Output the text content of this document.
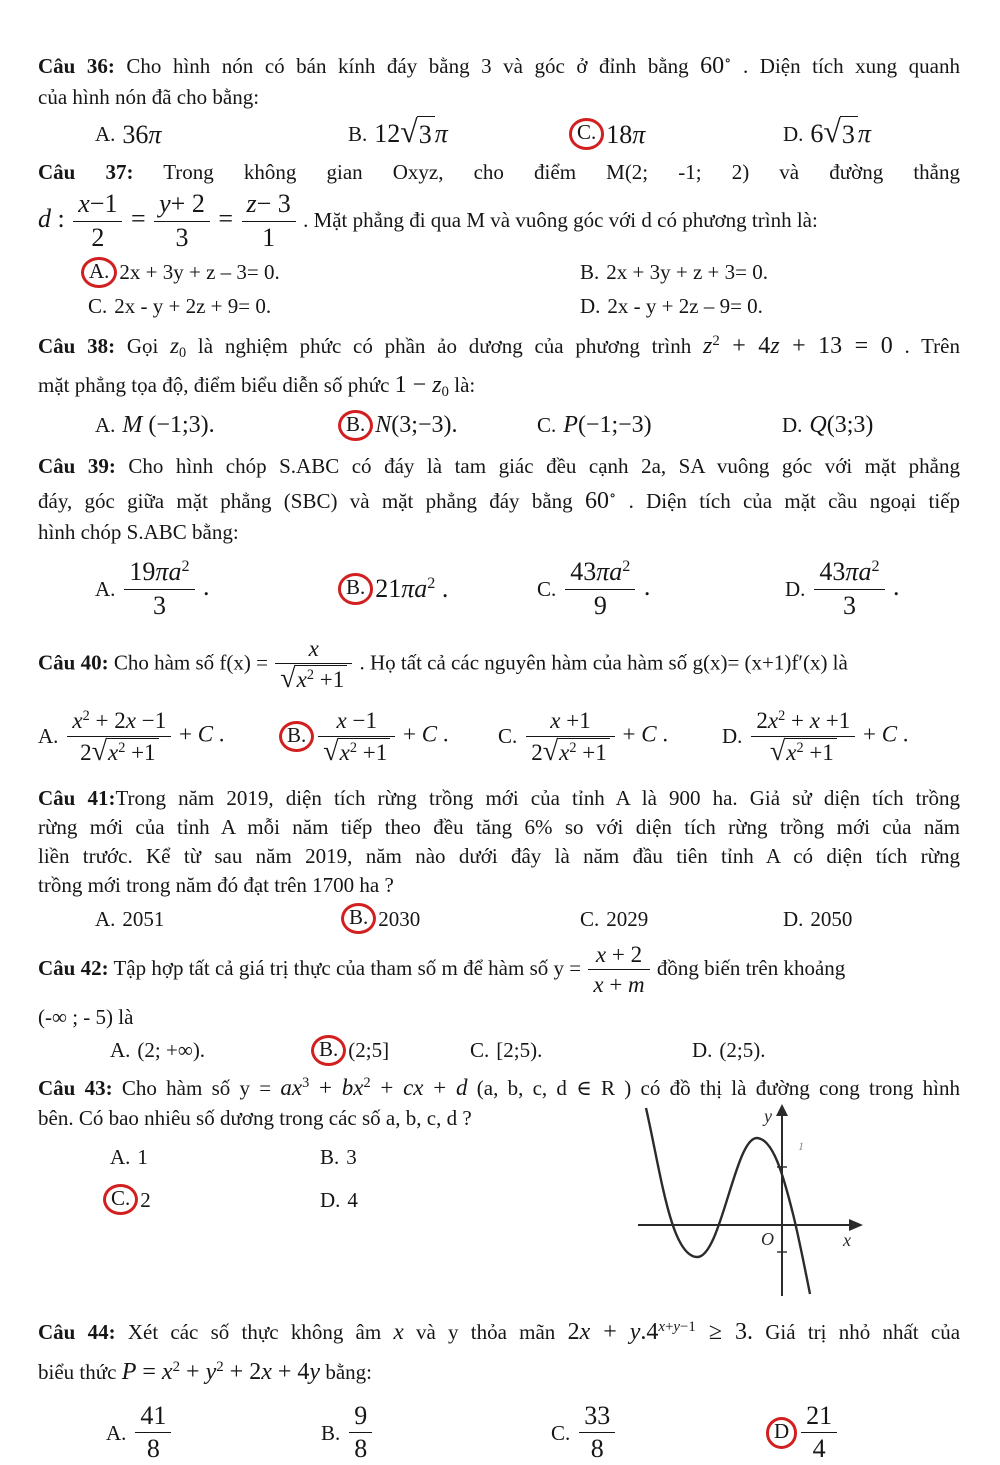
Câu 36: Cho hình nón có bán kính đáy bằng 3 và góc ở đỉnh bằng 60∘ . Diện tích xung quanh
của hình nón đã cho bằng:
A. 36π	B. 12 √ 3 π	C. 18π	D. 6 √ 3 π
Câu 37: Trong không gian Oxyz, cho điểm M(2; -1; 2) và đường thẳng
d : $\frac{x-1}{2} = \frac{y+ 2}{3} = \frac{z- 3}{1}$ . Mặt phẳng đi qua M và vuông góc với d có phương trình là:
A. 2x + 3y + z – 3= 0.	B. 2x + 3y + z + 3= 0.
C. 2x - y + 2z + 9= 0.	D. 2x - y + 2z – 9= 0.
Câu 38: Gọi z0 là nghiệm phức có phần ảo dương của phương trình $z^2 + 4z + 13 = 0$ . Trên
mặt phẳng tọa độ, điểm biểu diễn số phức 1 − z0 là:
A. M (−1;3).	B. N(3;−3).	C. P(−1;−3)	D. Q(3;3)
Câu 39: Cho hình chóp S.ABC có đáy là tam giác đều cạnh 2a, SA vuông góc với mặt phẳng
đáy, góc giữa mặt phẳng (SBC) và mặt phẳng đáy bằng 60∘ . Diện tích của mặt cầu ngoại tiếp
hình chóp S.ABC bằng:
A. $\frac{19\pi a^2}{3}$ .	B. $21\pi a^2$ .	C. $\frac{43\pi a^2}{9}$ .	D. $\frac{43\pi a^2}{3}$ .
Câu 40: Cho hàm số $f(x) = \frac{x}{√ x^2 +1}$ . Họ tất cả các nguyên hàm của hàm số g(x)= (x+1)f′(x) là
A. $\frac{x^2 + 2x -1}{2 √ x^2 +1} + C$ .	B. $\frac{x -1}{√ x^2 +1} + C$ . C. $\frac{x +1}{2 √ x^2 +1} + C$ .	D. $\frac{2x^2 + x +1}{√ x^2 +1} + C$ .
Câu 41:Trong năm 2019, diện tích rừng trồng mới của tỉnh A là 900 ha. Giả sử diện tích trồng
rừng mới của tỉnh A mỗi năm tiếp theo đều tăng 6% so với diện tích rừng trồng mới của năm
liền trước. Kể từ sau năm 2019, năm nào dưới đây là năm đầu tiên tỉnh A có diện tích rừng
trồng mới trong năm đó đạt trên 1700 ha ?
A. 2051	B. 2030	C. 2029	D. 2050
Câu 42: Tập hợp tất cả giá trị thực của tham số m để hàm số $y = \frac{x + 2}{x + m}$ đồng biến trên khoảng
(-∞ ; - 5) là
A. (2; +∞).	B. (2;5]	C. [2;5).	D. (2;5).
Câu 43: Cho hàm số $y = ax^3 + bx^2$ + cx + d (a, b, c, d ∈ R ) có đồ thị là đường cong trong hình
bên. Có bao nhiêu số dương trong các số a, b, c, d ?
A. 1	B. 3
C. 2	D. 4
y
x
O
1
Câu 44: Xét các số thực không âm x và y thỏa mãn $2x + y.4^{x+y-1} \ge 3$. Giá trị nhỏ nhất của
biểu thức $P = x^2 + y^2 + 2x + 4y$ bằng:
A. $\frac{41}{8}$	B. $\frac{9}{8}$	C. $\frac{33}{8}$	D $\frac{21}{4}$
